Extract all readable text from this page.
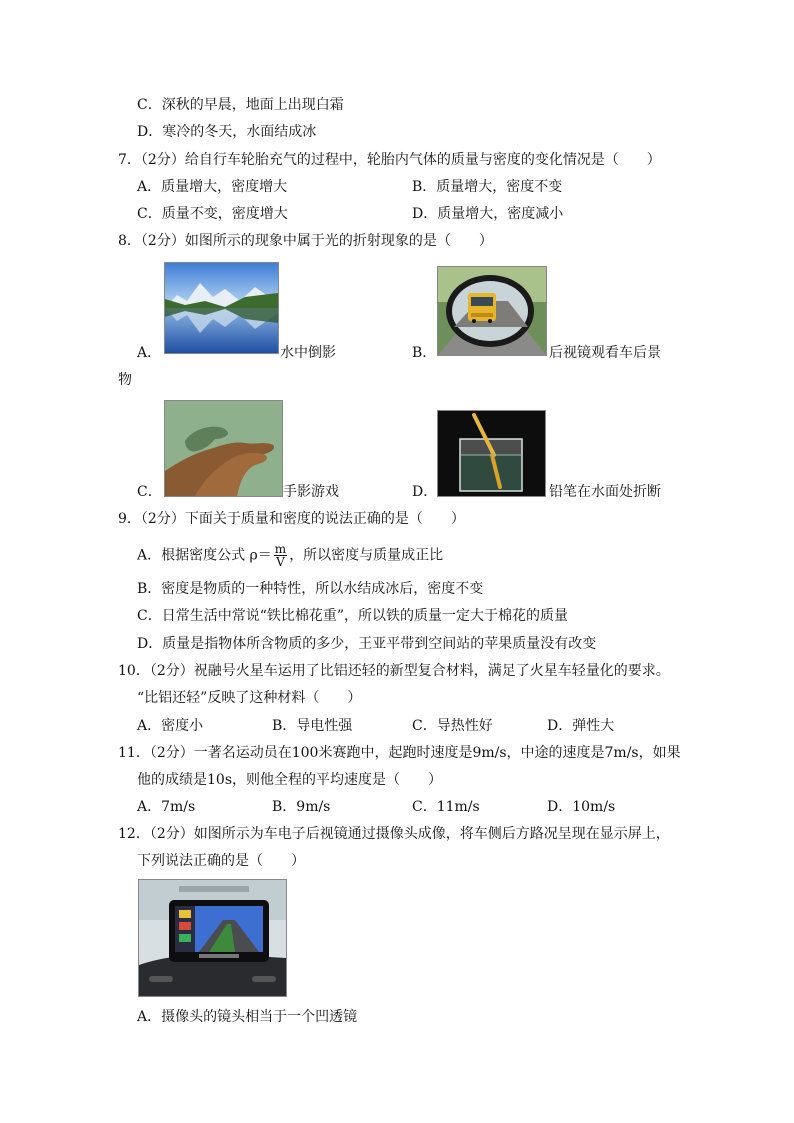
C．深秋的早晨，地面上出现白霜
D．寒冷的冬天，水面结成冰
7．（2分）给自行车轮胎充气的过程中，轮胎内气体的质量与密度的变化情况是（　　）
A．质量增大，密度增大	B．质量增大，密度不变
C．质量不变，密度增大	D．质量增大，密度减小
8．（2分）如图所示的现象中属于光的折射现象的是（　　）
A．	水中倒影	B．	后视镜观看车后景
物
C．	手影游戏	D．	铅笔在水面处折断
9．（2分）下面关于质量和密度的说法正确的是（　　）
A．根据密度公式 $\rho= \frac{m}{V}$ ，所以密度与质量成正比
B．密度是物质的一种特性，所以水结成冰后，密度不变
C．日常生活中常说“铁比棉花重”，所以铁的质量一定大于棉花的质量
D．质量是指物体所含物质的多少，王亚平带到空间站的苹果质量没有改变
10．（2分）祝融号火星车运用了比铝还轻的新型复合材料，满足了火星车轻量化的要求。
“比铝还轻”反映了这种材料（　　）
A．密度小	B．导电性强	C．导热性好	D．弹性大
11．（2分）一著名运动员在100米赛跑中，起跑时速度是9m/s，中途的速度是7m/s，如果
他的成绩是10s，则他全程的平均速度是（　　）
A．7m/s	B．9m/s	C．11m/s	D．10m/s
12．（2分）如图所示为车电子后视镜通过摄像头成像，将车侧后方路况呈现在显示屏上，
下列说法正确的是（　　）
A．摄像头的镜头相当于一个凹透镜
